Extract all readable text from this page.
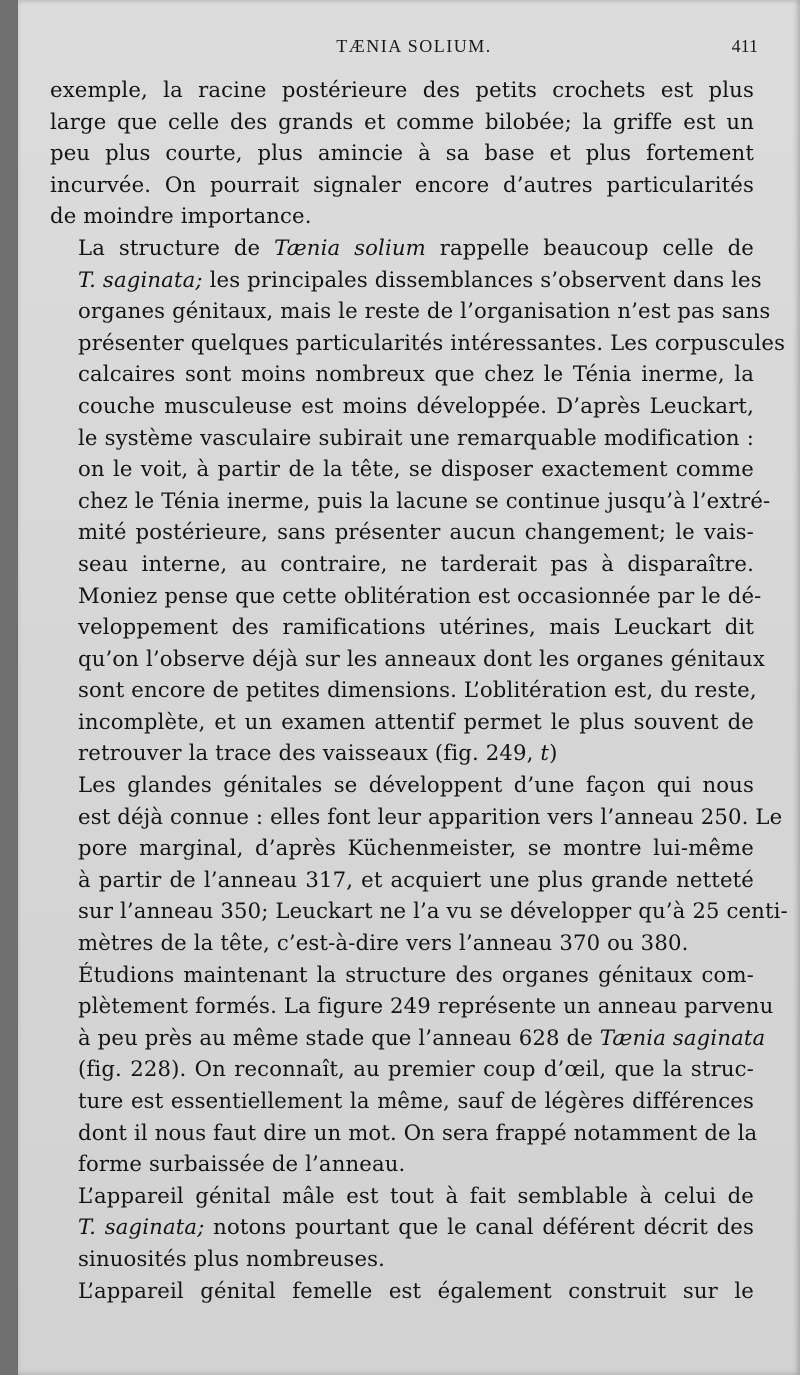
TÆNIA SOLIUM.	411

exemple, la racine postérieure des petits crochets est plus
large que celle des grands et comme bilobée; la griffe est un
peu plus courte, plus amincie à sa base et plus fortement
incurvée. On pourrait signaler encore d’autres particularités
de moindre importance.

La structure de Tænia solium rappelle beaucoup celle de
T. saginata; les principales dissemblances s’observent dans les
organes génitaux, mais le reste de l’organisation n’est pas sans
présenter quelques particularités intéressantes. Les corpuscules
calcaires sont moins nombreux que chez le Ténia inerme, la
couche musculeuse est moins développée. D’après Leuckart,
le système vasculaire subirait une remarquable modification :
on le voit, à partir de la tête, se disposer exactement comme
chez le Ténia inerme, puis la lacune se continue jusqu’à l’extré-
mité postérieure, sans présenter aucun changement; le vais-
seau interne, au contraire, ne tarderait pas à disparaître.
Moniez pense que cette oblitération est occasionnée par le dé-
veloppement des ramifications utérines, mais Leuckart dit
qu’on l’observe déjà sur les anneaux dont les organes génitaux
sont encore de petites dimensions. L’oblitération est, du reste,
incomplète, et un examen attentif permet le plus souvent de
retrouver la trace des vaisseaux (fig. 249, t)

Les glandes génitales se développent d’une façon qui nous
est déjà connue : elles font leur apparition vers l’anneau 250. Le
pore marginal, d’après Küchenmeister, se montre lui-même
à partir de l’anneau 317, et acquiert une plus grande netteté
sur l’anneau 350; Leuckart ne l’a vu se développer qu’à 25 centi-
mètres de la tête, c’est-à-dire vers l’anneau 370 ou 380.

Étudions maintenant la structure des organes génitaux com-
plètement formés. La figure 249 représente un anneau parvenu
à peu près au même stade que l’anneau 628 de Tænia saginata
(fig. 228). On reconnaît, au premier coup d’œil, que la struc-
ture est essentiellement la même, sauf de légères différences
dont il nous faut dire un mot. On sera frappé notamment de la
forme surbaissée de l’anneau.

L’appareil génital mâle est tout à fait semblable à celui de
T. saginata; notons pourtant que le canal déférent décrit des
sinuosités plus nombreuses.

L’appareil génital femelle est également construit sur le
